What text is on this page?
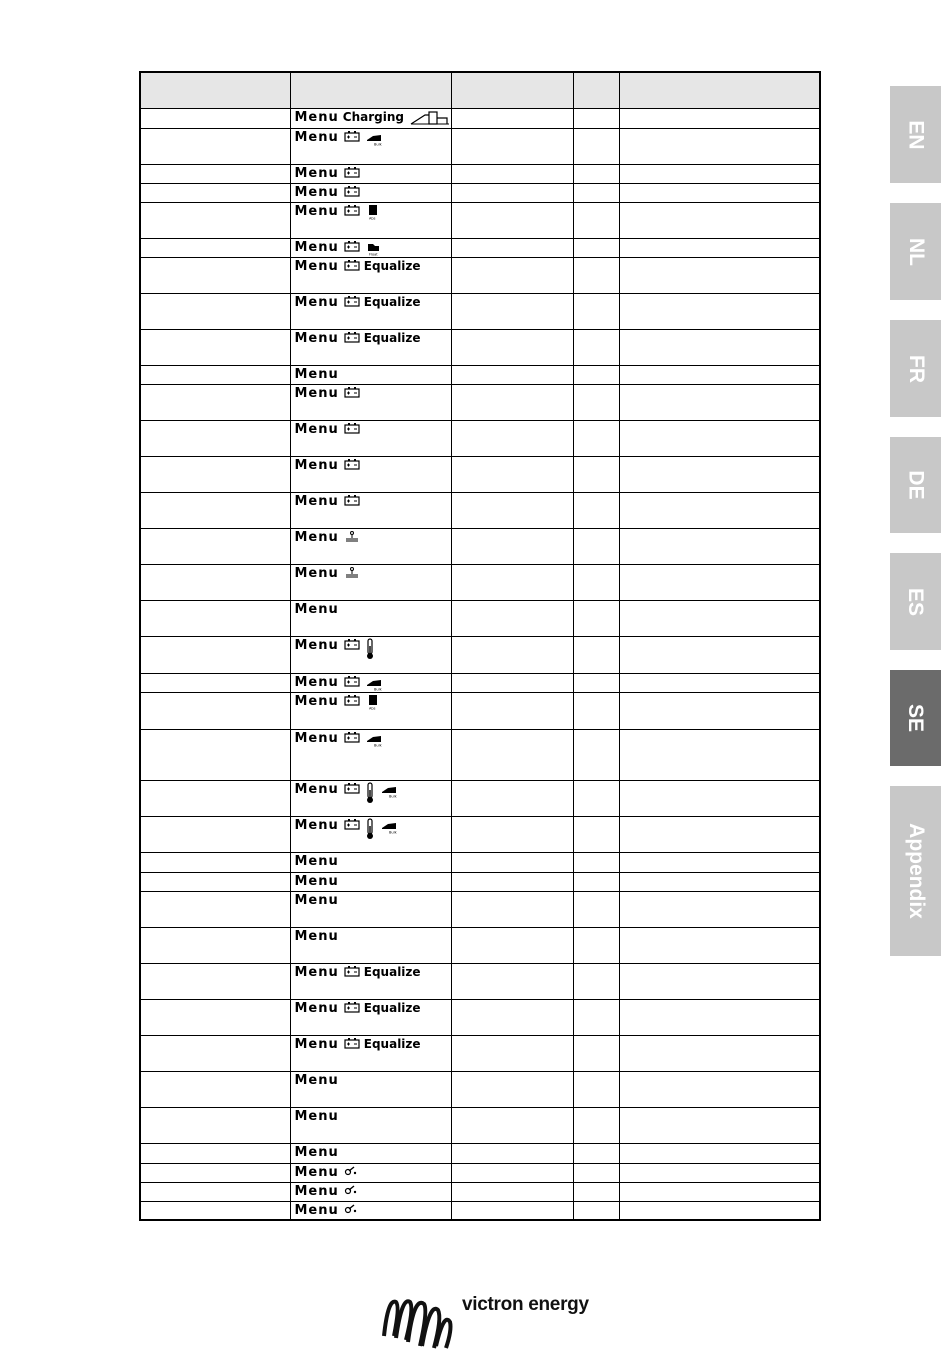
	Menu Charging			
	Menu Bulk			

	Menu			
	Menu			
	Menu Abs			

	Menu Float			

	Menu Equalize			
	Menu Equalize			
	Menu Equalize			
	Menu			
	Menu			
	Menu			
	Menu			
	Menu			
	Menu			
	Menu			
	Menu			
	Menu			
	Menu Bulk			

	Menu Abs			

	Menu Bulk			

	Menu Bulk			

	Menu Bulk			

	Menu			
	Menu			
	Menu			
	Menu			
	Menu Equalize			
	Menu Equalize			
	Menu Equalize			
	Menu			
	Menu			
	Menu			
	Menu			
	Menu			
	Menu			
EN
NL
FR
DE
ES
SE
Appendix
victron energy
